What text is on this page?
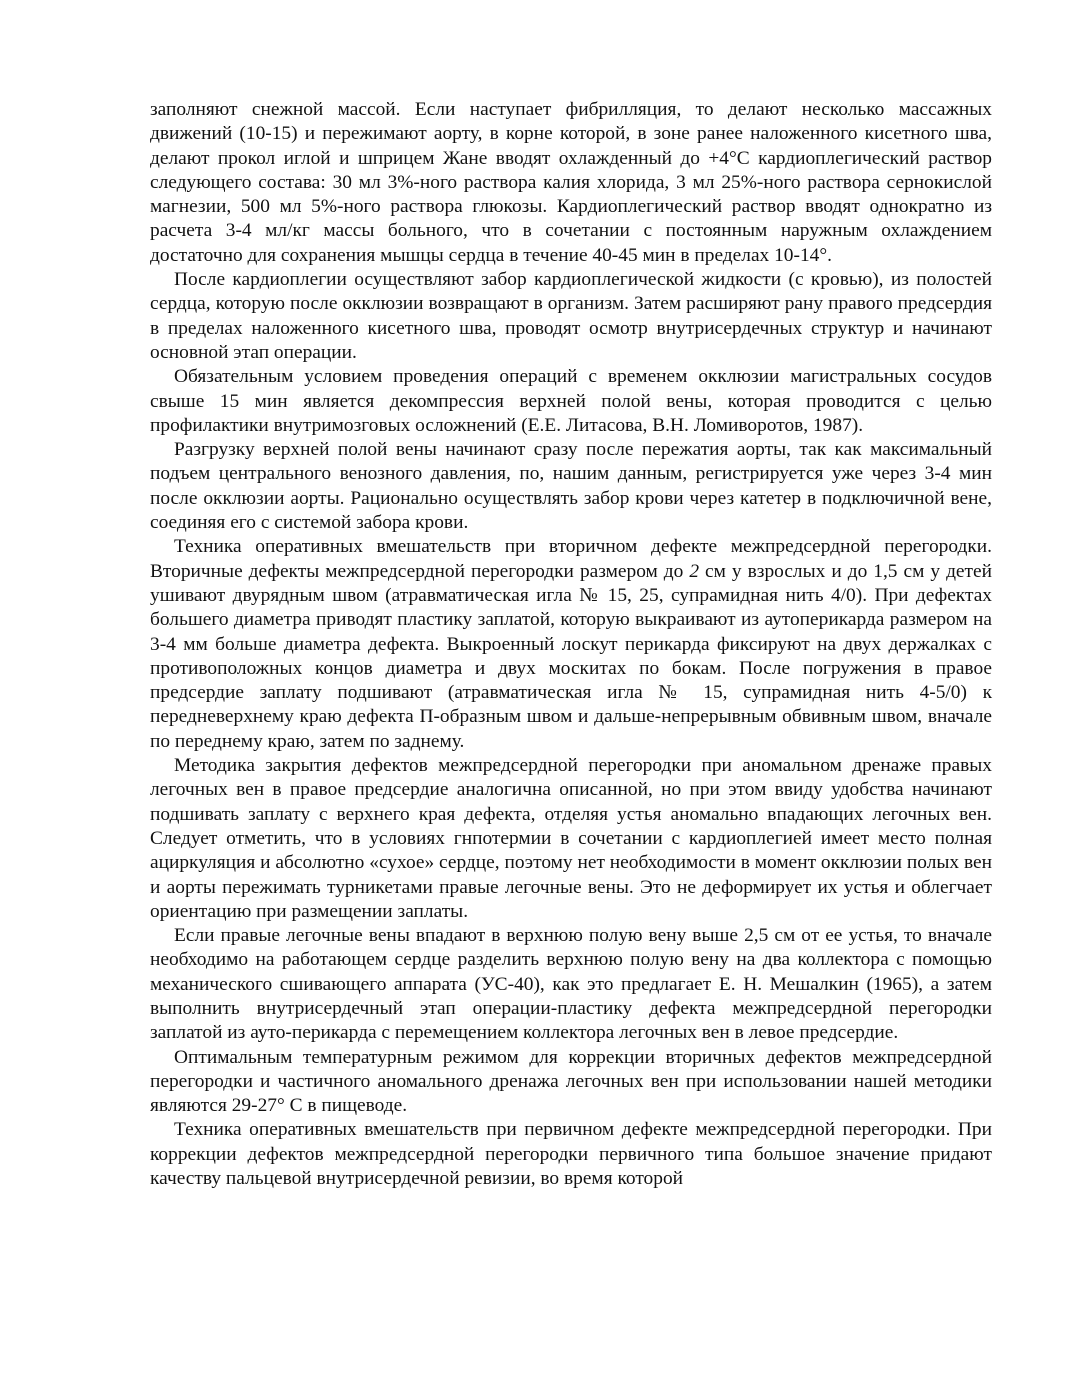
заполняют снежной массой. Если наступает фибрилляция, то делают несколько массажных движений (10-15) и пережимают аорту, в корне которой, в зоне ранее наложенного кисетного шва, делают прокол иглой и шприцем Жане вводят охлажденный до +4°С кардиоплегический раствор следующего состава: 30 мл 3%-ного раствора калия хлорида, 3 мл 25%-ного раствора сернокислой магнезии, 500 мл 5%-ного раствора глюкозы. Кардиоплегический раствор вводят однократно из расчета 3-4 мл/кг массы больного, что в сочетании с постоянным наружным охлаждением достаточно для сохранения мышцы сердца в течение 40-45 мин в пределах 10-14°.

После кардиоплегии осуществляют забор кардиоплегической жидкости (с кровью), из полостей сердца, которую после окклюзии возвращают в организм. Затем расширяют рану правого предсердия в пределах наложенного кисетного шва, проводят осмотр внутрисердечных структур и начинают основной этап операции.

Обязательным условием проведения операций с временем окклюзии магистральных сосудов свыше 15 мин является декомпрессия верхней полой вены, которая проводится с целью профилактики внутримозговых осложнений (Е.Е. Литасова, В.Н. Ломиворотов, 1987).

Разгрузку верхней полой вены начинают сразу после пережатия аорты, так как максимальный подъем центрального венозного давления, по, нашим данным, регистрируется уже через 3-4 мин после окклюзии аорты. Рационально осуществлять забор крови через катетер в подключичной вене, соединяя его с системой забора крови.

Техника оперативных вмешательств при вторичном дефекте межпредсердной перегородки. Вторичные дефекты межпредсердной перегородки размером до 2 см у взрослых и до 1,5 см у детей ушивают двурядным швом (атравматическая игла № 15, 25, супрамидная нить 4/0). При дефектах большего диаметра приводят пластику заплатой, которую выкраивают из аутоперикарда размером на 3-4 мм больше диаметра дефекта. Выкроенный лоскут перикарда фиксируют на двух держалках с противоположных концов диаметра и двух москитах по бокам. После погружения в правое предсердие заплату подшивают (атравматическая игла № 15, супрамидная нить 4-5/0) к передневерхнему краю дефекта П-образным швом и дальше-непрерывным обвивным швом, вначале по переднему краю, затем по заднему.

Методика закрытия дефектов межпредсердной перегородки при аномальном дренаже правых легочных вен в правое предсердие аналогична описанной, но при этом ввиду удобства начинают подшивать заплату с верхнего края дефекта, отделяя устья аномально впадающих легочных вен. Следует отметить, что в условиях гнпотермии в сочетании с кардиоплегией имеет место полная ациркуляция и абсолютно «сухое» сердце, поэтому нет необходимости в момент окклюзии полых вен и аорты пережимать турникетами правые легочные вены. Это не деформирует их устья и облегчает ориентацию при размещении заплаты.

Если правые легочные вены впадают в верхнюю полую вену выше 2,5 см от ее устья, то вначале необходимо на работающем сердце разделить верхнюю полую вену на два коллектора с помощью механического сшивающего аппарата (УС-40), как это предлагает Е. Н. Мешалкин (1965), а затем выполнить внутрисердечный этап операции-пластику дефекта межпредсердной перегородки заплатой из ауто-перикарда с перемещением коллектора легочных вен в левое предсердие.

Оптимальным температурным режимом для коррекции вторичных дефектов межпредсердной перегородки и частичного аномального дренажа легочных вен при использовании нашей методики являются 29-27° С в пищеводе.

Техника оперативных вмешательств при первичном дефекте межпредсердной перегородки. При коррекции дефектов межпредсердной перегородки первичного типа большое значение придают качеству пальцевой внутрисердечной ревизии, во время которой
